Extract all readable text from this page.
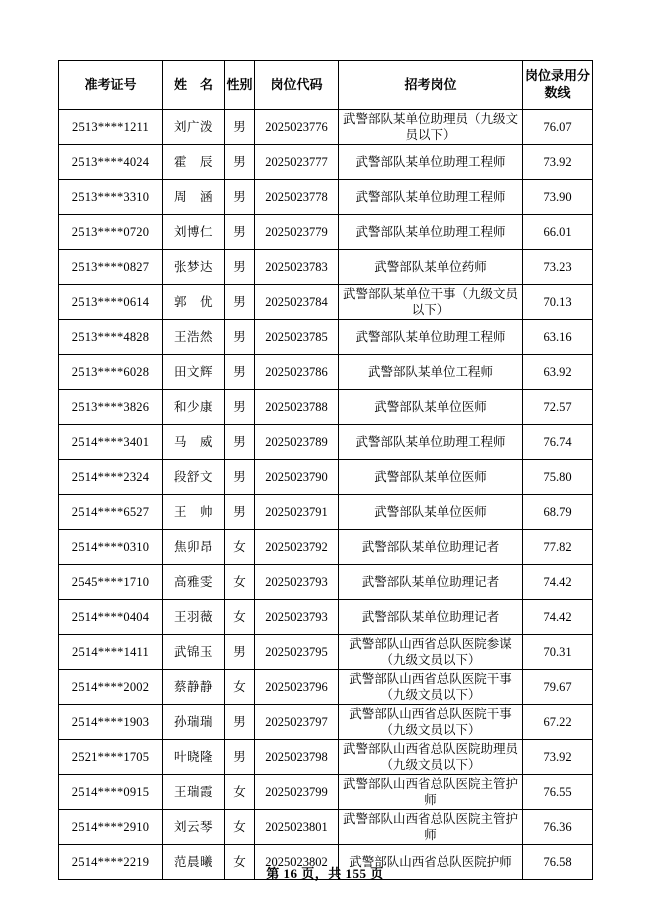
准考证号	姓　名	性别	岗位代码	招考岗位	岗位录用分数线
2513****1211	刘广泼	男	2025023776	武警部队某单位助理员（九级文员以下）	76.07
2513****4024	霍　辰	男	2025023777	武警部队某单位助理工程师	73.92
2513****3310	周　涵	男	2025023778	武警部队某单位助理工程师	73.90
2513****0720	刘博仁	男	2025023779	武警部队某单位助理工程师	66.01
2513****0827	张梦达	男	2025023783	武警部队某单位药师	73.23
2513****0614	郭　优	男	2025023784	武警部队某单位干事（九级文员以下）	70.13
2513****4828	王浩然	男	2025023785	武警部队某单位助理工程师	63.16
2513****6028	田文辉	男	2025023786	武警部队某单位工程师	63.92
2513****3826	和少康	男	2025023788	武警部队某单位医师	72.57
2514****3401	马　威	男	2025023789	武警部队某单位助理工程师	76.74
2514****2324	段舒文	男	2025023790	武警部队某单位医师	75.80
2514****6527	王　帅	男	2025023791	武警部队某单位医师	68.79
2514****0310	焦卯昂	女	2025023792	武警部队某单位助理记者	77.82
2545****1710	高雅雯	女	2025023793	武警部队某单位助理记者	74.42
2514****0404	王羽薇	女	2025023793	武警部队某单位助理记者	74.42
2514****1411	武锦玉	男	2025023795	武警部队山西省总队医院参谋（九级文员以下）	70.31
2514****2002	蔡静静	女	2025023796	武警部队山西省总队医院干事（九级文员以下）	79.67
2514****1903	孙瑞瑞	男	2025023797	武警部队山西省总队医院干事（九级文员以下）	67.22
2521****1705	叶晓隆	男	2025023798	武警部队山西省总队医院助理员（九级文员以下）	73.92
2514****0915	王瑞霞	女	2025023799	武警部队山西省总队医院主管护师	76.55
2514****2910	刘云琴	女	2025023801	武警部队山西省总队医院主管护师	76.36
2514****2219	范晨曦	女	2025023802	武警部队山西省总队医院护师	76.58
第 16 页，共 155 页
